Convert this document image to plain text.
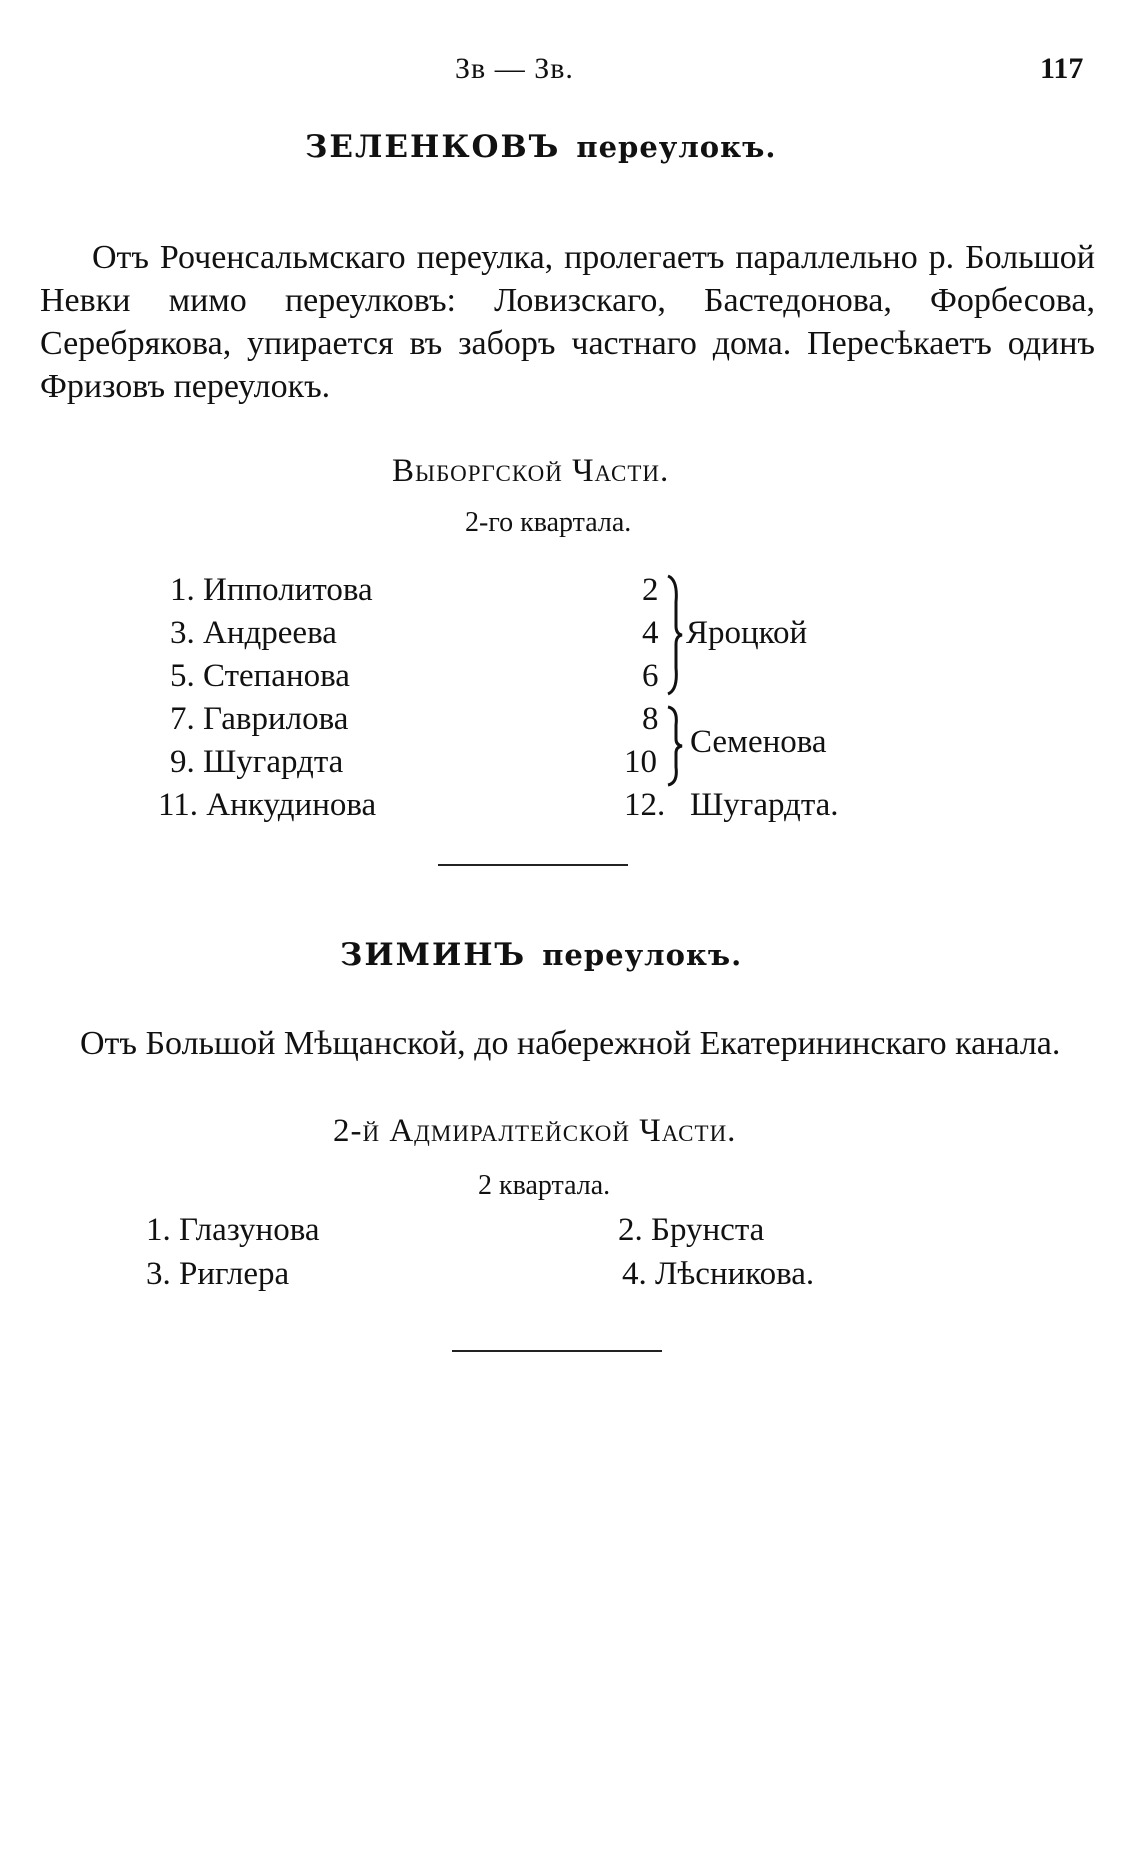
Зв — Зв.	117
ЗЕЛЕНКОВЪ переулокъ.

Отъ Роченсальмскаго переулка, пролегаетъ параллельно р. Большой Невки мимо переулковъ: Ловизскаго, Бастедонова, Форбесова, Серебрякова, упирается въ заборъ частнаго дома. Пересѣкаетъ одинъ Фризовъ переулокъ.

Выборгской Части.
2-го квартала.
1. Ипполитова
3. Андреева
5. Степанова
7. Гаврилова
9. Шугардта
11. Анкудинова
2
4
6
Яроцкой
8
10
Семенова
12. Шугардта.
ЗИМИНЪ переулокъ.

Отъ Большой Мѣщанской, до набережной Екатерининскаго канала.

2-й Адмиралтейской Части.
2 квартала.
1. Глазунова
3. Риглера
2. Брунста
4. Лѣсникова.
